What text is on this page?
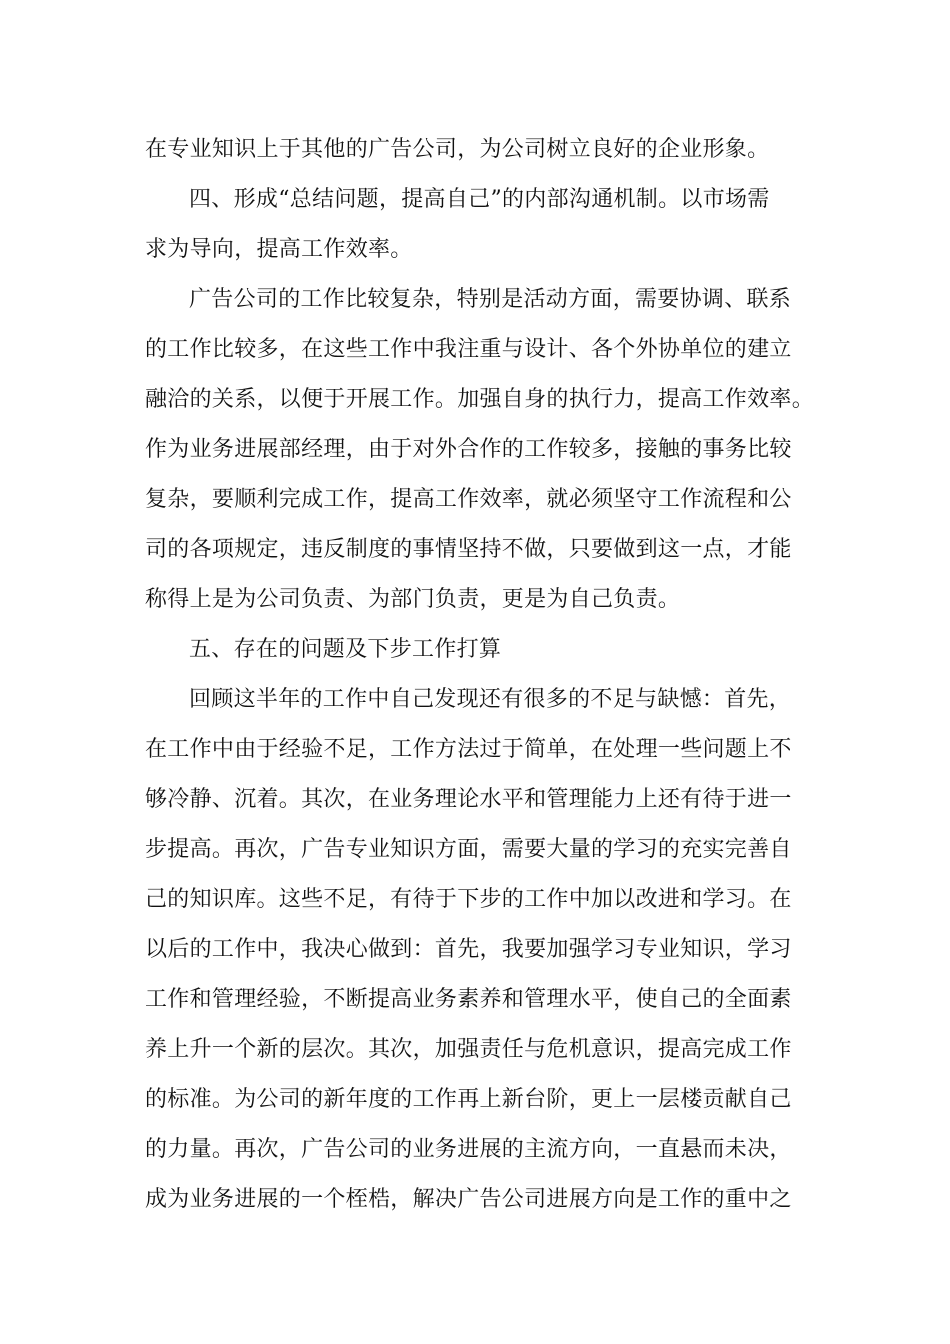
在专业知识上于其他的广告公司，为公司树立良好的企业形象。
四、形成“总结问题，提高自己”的内部沟通机制。以市场需
求为导向，提高工作效率。
广告公司的工作比较复杂，特别是活动方面，需要协调、联系
的工作比较多，在这些工作中我注重与设计、各个外协单位的建立
融洽的关系，以便于开展工作。加强自身的执行力，提高工作效率。
作为业务进展部经理，由于对外合作的工作较多，接触的事务比较
复杂，要顺利完成工作，提高工作效率，就必须坚守工作流程和公
司的各项规定，违反制度的事情坚持不做，只要做到这一点，才能
称得上是为公司负责、为部门负责，更是为自己负责。
五、存在的问题及下步工作打算
回顾这半年的工作中自己发现还有很多的不足与缺憾：首先，
在工作中由于经验不足，工作方法过于简单，在处理一些问题上不
够冷静、沉着。其次，在业务理论水平和管理能力上还有待于进一
步提高。再次，广告专业知识方面，需要大量的学习的充实完善自
己的知识库。这些不足，有待于下步的工作中加以改进和学习。在
以后的工作中，我决心做到：首先，我要加强学习专业知识，学习
工作和管理经验，不断提高业务素养和管理水平，使自己的全面素
养上升一个新的层次。其次，加强责任与危机意识，提高完成工作
的标准。为公司的新年度的工作再上新台阶，更上一层楼贡献自己
的力量。再次，广告公司的业务进展的主流方向，一直悬而未决，
成为业务进展的一个桎梏，解决广告公司进展方向是工作的重中之
